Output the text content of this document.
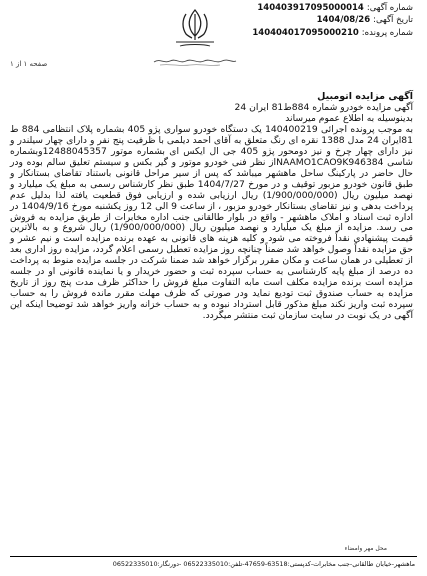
شماره آگهی: 140403917095000014
تاریخ آگهی: 1404/08/26
شماره پرونده: 140404017095000210
صفحه ۱ از ۱
آگهی مزایده اتومبیل

آگهی مزایده خودرو شماره 884ط81 ایران 24

بدینوسیله به اطلاع عموم میرساند

به موجب پرونده اجرائی 140400219 یک دستگاه خودرو سواری پژو 405 بشماره پلاک انتظامی 884 ط 81ایران 24 مدل 1388 نقره ای رنگ متعلق به آقای احمد دیلمی با ظرفیت پنج نفر و دارای چهار سیلندر و نیز دارای چهار چرخ و نیز دومحور پژو 405 جی ال ایکس ای بشماره موتور 12488045357وبشماره شاسی NAAMO1CAO9K946384از نظر فنی خودرو موتور و گیر بکس و سیستم تعلیق سالم بوده ودر حال حاضر در پارکینگ ساحل ماهشهر میباشد که پس از سیر مراحل قانونی باستناد تقاضای بستانکار و طبق قانون خودرو مزبور توقیف و در مورخ 1404/7/27 طبق نظر کارشناس رسمی به مبلغ یک میلیارد و نهصد میلیون ریال (1/900/000/000) ریال ارزیابی شده و ارزیابی فوق قطعیت یافته لذا بدلیل عدم پرداخت بدهی و نیز تقاضای بستانکار خودرو مزبور ، از ساعت 9 الی 12 روز یکشنبه مورخ 1404/9/16 در اداره ثبت اسناد و املاک ماهشهر - واقع در بلوار طالقانی جنب اداره مخابرات از طریق مزایده به فروش می رسد. مزایده از مبلغ یک میلیارد و نهصد میلیون ریال (1/900/000/000) ریال شروع و به بالاترین قیمت پیشنهادی نقداً فروخته می شود و کلیه هزینه های قانونی به عهده برنده مزایده است و نیم عشر و حق مزایده نقداً وصول خواهد شد ضمناً چنانچه روز مزایده تعطیل رسمی اعلام گردد، مزایده روز اداری بعد از تعطیلی در همان ساعت و مکان مقرر برگزار خواهد شد ضمنا شرکت در جلسه مزایده منوط به پرداخت ده درصد از مبلغ پایه کارشناسی به حساب سپرده ثبت و حضور خریدار و یا نماینده قانونی او در جلسه مزایده است برنده مزایده مکلف است مابه التفاوت مبلغ فروش را حداکثر ظرف مدت پنج روز از تاریخ مزایده به حساب صندوق ثبت تودیع نماید ودر صورتی که ظرف مهلت مقرر مانده فروش را به حساب سپرده ثبت واریز نکند مبلغ مذکور قابل استرداد نبوده و به حساب خزانه واریز خواهد شد توضیحا اینکه این آگهی در یک نوبت در سایت سازمان ثبت منتشر میگردد.

محل مهر وامضاء
ماهشهر-خیابان طالقانی-جنب مخابرات-کدپستی:63518-47659-تلفن:06522335010 -دورنگار:06522335010
